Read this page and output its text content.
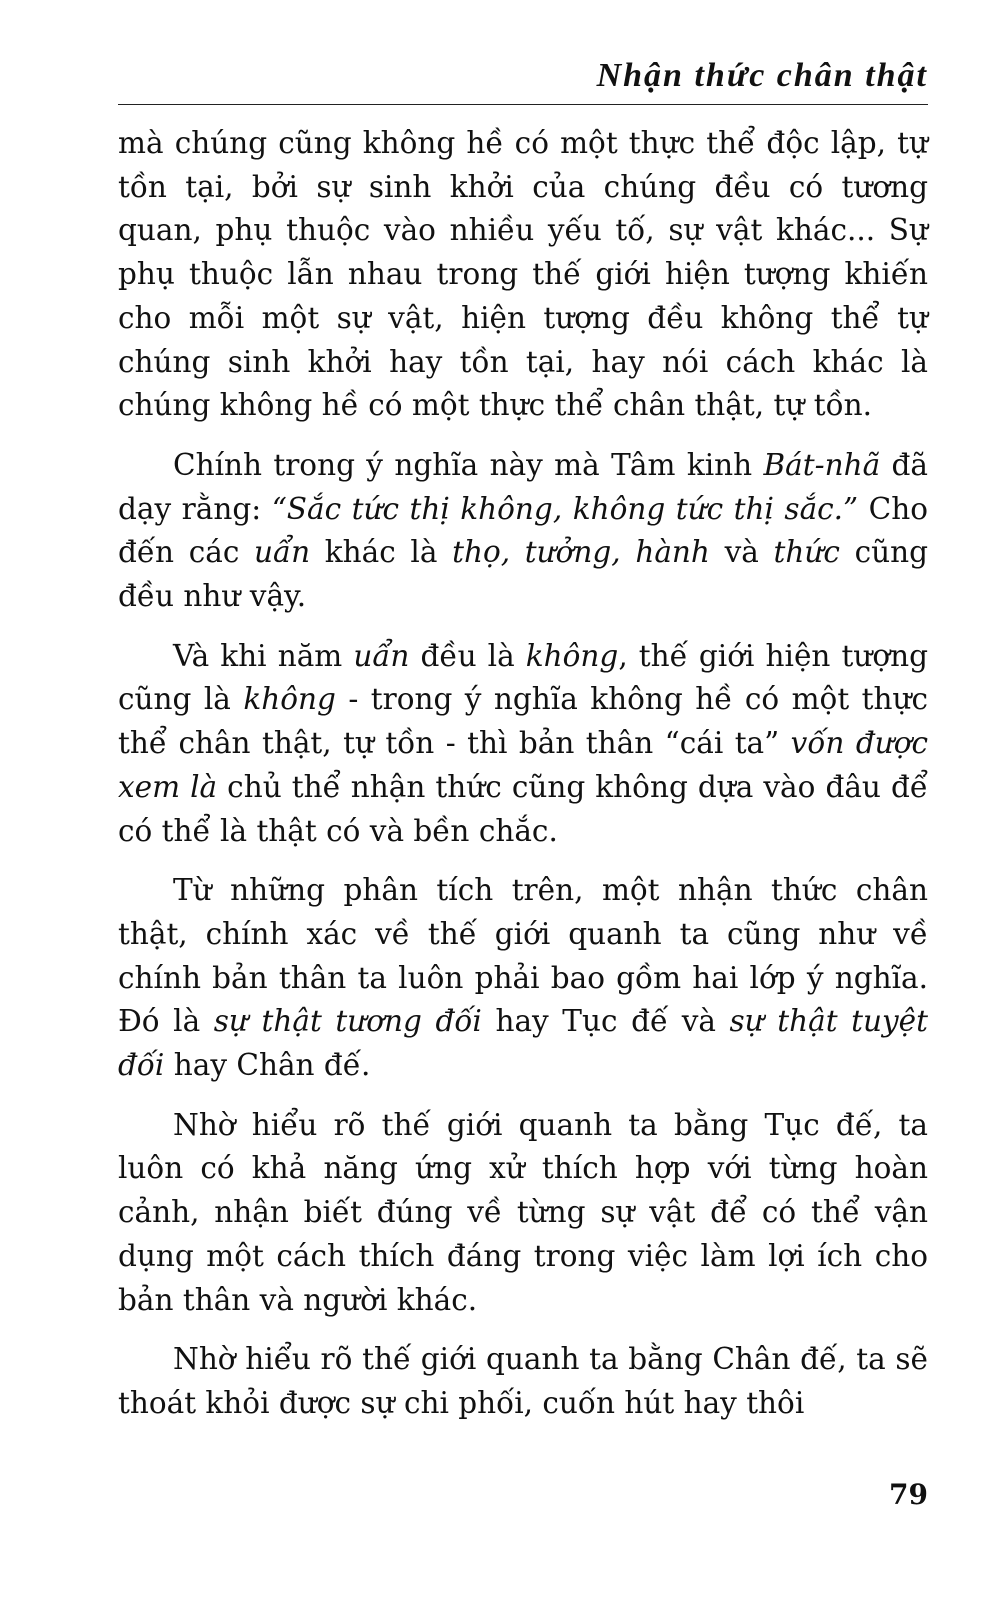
Nhận thức chân thật

mà chúng cũng không hề có một thực thể độc lập, tự tồn tại, bởi sự sinh khởi của chúng đều có tương quan, phụ thuộc vào nhiều yếu tố, sự vật khác... Sự phụ thuộc lẫn nhau trong thế giới hiện tượng khiến cho mỗi một sự vật, hiện tượng đều không thể tự chúng sinh khởi hay tồn tại, hay nói cách khác là chúng không hề có một thực thể chân thật, tự tồn.

Chính trong ý nghĩa này mà Tâm kinh Bát-nhã đã dạy rằng: “Sắc tức thị không, không tức thị sắc.” Cho đến các uẩn khác là thọ, tưởng, hành và thức cũng đều như vậy.

Và khi năm uẩn đều là không, thế giới hiện tượng cũng là không - trong ý nghĩa không hề có một thực thể chân thật, tự tồn - thì bản thân “cái ta” vốn được xem là chủ thể nhận thức cũng không dựa vào đâu để có thể là thật có và bền chắc.

Từ những phân tích trên, một nhận thức chân thật, chính xác về thế giới quanh ta cũng như về chính bản thân ta luôn phải bao gồm hai lớp ý nghĩa. Đó là sự thật tương đối hay Tục đế và sự thật tuyệt đối hay Chân đế.

Nhờ hiểu rõ thế giới quanh ta bằng Tục đế, ta luôn có khả năng ứng xử thích hợp với từng hoàn cảnh, nhận biết đúng về từng sự vật để có thể vận dụng một cách thích đáng trong việc làm lợi ích cho bản thân và người khác.

Nhờ hiểu rõ thế giới quanh ta bằng Chân đế, ta sẽ thoát khỏi được sự chi phối, cuốn hút hay thôi

79
